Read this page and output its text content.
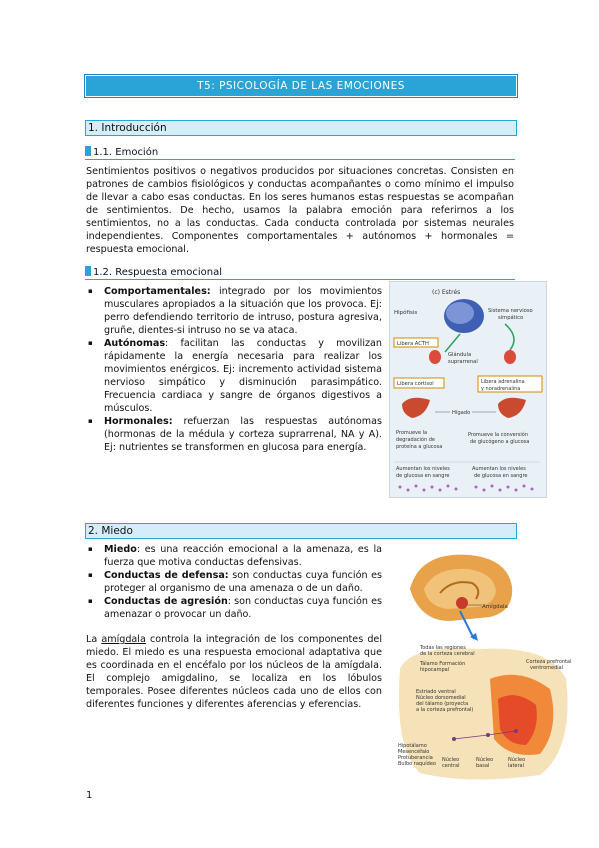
T5: PSICOLOGÍA DE LAS EMOCIONES
1. Introducción
1.1. Emoción
Sentimientos positivos o negativos producidos por situaciones concretas. Consisten en patrones de cambios fisiológicos y conductas acompañantes o como mínimo el impulso de llevar a cabo esas conductas. En los seres humanos estas respuestas se acompañan de sentimientos. De hecho, usamos la palabra emoción para referirnos a los sentimientos, no a las conductas. Cada conducta controlada por sistemas neurales independientes. Componentes comportamentales + autónomos + hormonales = respuesta emocional.
1.2. Respuesta emocional
▪ Comportamentales: integrado por los movimientos musculares apropiados a la situación que los provoca. Ej: perro defendiendo territorio de intruso, postura agresiva, gruñe, dientes-si intruso no se va ataca.
▪ Autónomas: facilitan las conductas y movilizan rápidamente la energía necesaria para realizar los movimientos enérgicos. Ej: incremento actividad sistema nervioso simpático y disminución parasimpático. Frecuencia cardiaca y sangre de órganos digestivos a músculos.
▪ Hormonales: refuerzan las respuestas autónomas (hormonas de la médula y corteza suprarrenal, NA y A). Ej: nutrientes se transformen en glucosa para energía.
(c) Estrés
Hipófisis	Sistema nervioso
simpático
Libera ACTH
Glándula
suprarrenal
Libera cortisol	Libera adrenalina
y noradrenalina
Hígado
Promueve la
degradación de
proteína a glucosa
Promueve la conversión
de glucógeno a glucosa
Aumentan los niveles
de glucosa en sangre
Aumentan los niveles
de glucosa en sangre
2. Miedo
▪ Miedo: es una reacción emocional a la amenaza, es la fuerza que motiva conductas defensivas.
▪ Conductas de defensa: son conductas cuya función es proteger al organismo de una amenaza o de un daño.
▪ Conductas de agresión: son conductas cuya función es amenazar o provocar un daño.
La amígdala controla la integración de los componentes del miedo. El miedo es una respuesta emocional adaptativa que es coordinada en el encéfalo por los núcleos de la amígdala. El complejo amigdalino, se localiza en los lóbulos temporales. Posee diferentes núcleos cada uno de ellos con diferentes funciones y diferentes aferencias y eferencias.
Amígdala
Todas las regiones
de la corteza cerebral
Tálamo Formación
hipocampal
Corteza prefrontal
ventromedial
Estriado ventral
Núcleo dorsomedial
del tálamo (proyecta
a la corteza prefrontal)
Hipotálamo
Mesencéfalo
Protuberancia
Bulbo raquídeo
Núcleo
central
Núcleo
basal
Núcleo
lateral
1
